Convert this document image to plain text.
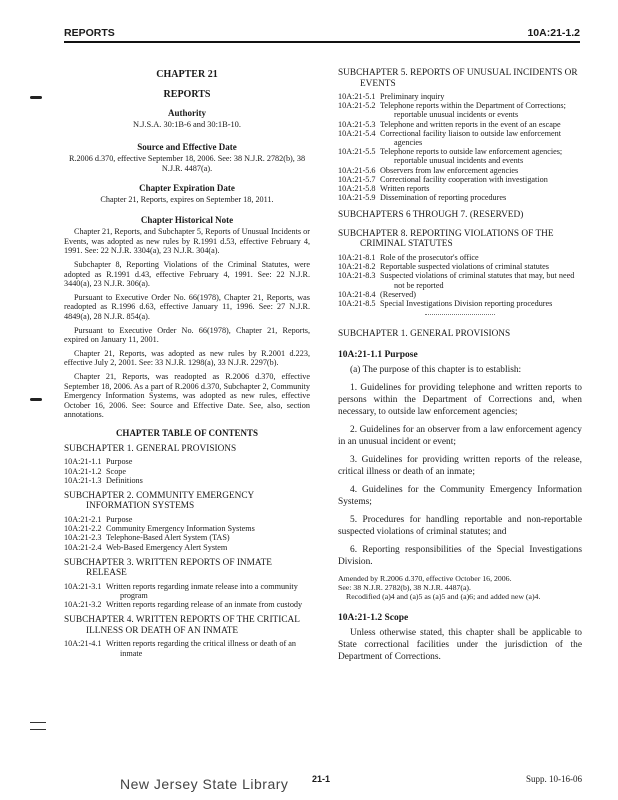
REPORTS	10A:21-1.2
CHAPTER 21
REPORTS
Authority
N.J.S.A. 30:1B-6 and 30:1B-10.
Source and Effective Date
R.2006 d.370, effective September 18, 2006. See: 38 N.J.R. 2782(b), 38 N.J.R. 4487(a).
Chapter Expiration Date
Chapter 21, Reports, expires on September 18, 2011.
Chapter Historical Note

Chapter 21, Reports, and Subchapter 5, Reports of Unusual Incidents or Events, was adopted as new rules by R.1991 d.53, effective February 4, 1991. See: 22 N.J.R. 3304(a), 23 N.J.R. 304(a).

Subchapter 8, Reporting Violations of the Criminal Statutes, were adopted as R.1991 d.43, effective February 4, 1991. See: 22 N.J.R. 3440(a), 23 N.J.R. 306(a).

Pursuant to Executive Order No. 66(1978), Chapter 21, Reports, was readopted as R.1996 d.63, effective January 11, 1996. See: 27 N.J.R. 4849(a), 28 N.J.R. 854(a).

Pursuant to Executive Order No. 66(1978), Chapter 21, Reports, expired on January 11, 2001.

Chapter 21, Reports, was adopted as new rules by R.2001 d.223, effective July 2, 2001. See: 33 N.J.R. 1298(a), 33 N.J.R. 2297(b).

Chapter 21, Reports, was readopted as R.2006 d.370, effective September 18, 2006. As a part of R.2006 d.370, Subchapter 2, Community Emergency Information Systems, was adopted as new rules, effective October 16, 2006. See: Source and Effective Date. See, also, section annotations.

CHAPTER TABLE OF CONTENTS
SUBCHAPTER 1. GENERAL PROVISIONS
10A:21-1.1 Purpose
10A:21-1.2 Scope
10A:21-1.3 Definitions
SUBCHAPTER 2. COMMUNITY EMERGENCY
INFORMATION SYSTEMS
10A:21-2.1 Purpose
10A:21-2.2 Community Emergency Information Systems
10A:21-2.3 Telephone-Based Alert System (TAS)
10A:21-2.4 Web-Based Emergency Alert System
SUBCHAPTER 3. WRITTEN REPORTS OF INMATE
RELEASE
10A:21-3.1 Written reports regarding inmate release into a community program
10A:21-3.2 Written reports regarding release of an inmate from custody
SUBCHAPTER 4. WRITTEN REPORTS OF THE CRITICAL
ILLNESS OR DEATH OF AN INMATE
10A:21-4.1 Written reports regarding the critical illness or death of an inmate
SUBCHAPTER 5. REPORTS OF UNUSUAL INCIDENTS OR
EVENTS
10A:21-5.1 Preliminary inquiry
10A:21-5.2 Telephone reports within the Department of Corrections; reportable unusual incidents or events
10A:21-5.3 Telephone and written reports in the event of an escape
10A:21-5.4 Correctional facility liaison to outside law enforcement agencies
10A:21-5.5 Telephone reports to outside law enforcement agencies; reportable unusual incidents and events
10A:21-5.6 Observers from law enforcement agencies
10A:21-5.7 Correctional facility cooperation with investigation
10A:21-5.8 Written reports
10A:21-5.9 Dissemination of reporting procedures
SUBCHAPTERS 6 THROUGH 7. (RESERVED)
SUBCHAPTER 8. REPORTING VIOLATIONS OF THE
CRIMINAL STATUTES
10A:21-8.1 Role of the prosecutor's office
10A:21-8.2 Reportable suspected violations of criminal statutes
10A:21-8.3 Suspected violations of criminal statutes that may, but need not be reported
10A:21-8.4 (Reserved)
10A:21-8.5 Special Investigations Division reporting procedures
SUBCHAPTER 1. GENERAL PROVISIONS
10A:21-1.1 Purpose

(a) The purpose of this chapter is to establish:

1. Guidelines for providing telephone and written reports to persons within the Department of Corrections and, when necessary, to outside law enforcement agencies;

2. Guidelines for an observer from a law enforcement agency in an unusual incident or event;

3. Guidelines for providing written reports of the release, critical illness or death of an inmate;

4. Guidelines for the Community Emergency Information Systems;

5. Procedures for handling reportable and non-reportable suspected violations of criminal statutes; and

6. Reporting responsibilities of the Special Investigations Division.

Amended by R.2006 d.370, effective October 16, 2006.

See: 38 N.J.R. 2782(b), 38 N.J.R. 4487(a).

Recodified (a)4 and (a)5 as (a)5 and (a)6; and added new (a)4.

10A:21-1.2 Scope

Unless otherwise stated, this chapter shall be applicable to State correctional facilities under the jurisdiction of the Department of Corrections.

New Jersey State Library	21-1	Supp. 10-16-06
